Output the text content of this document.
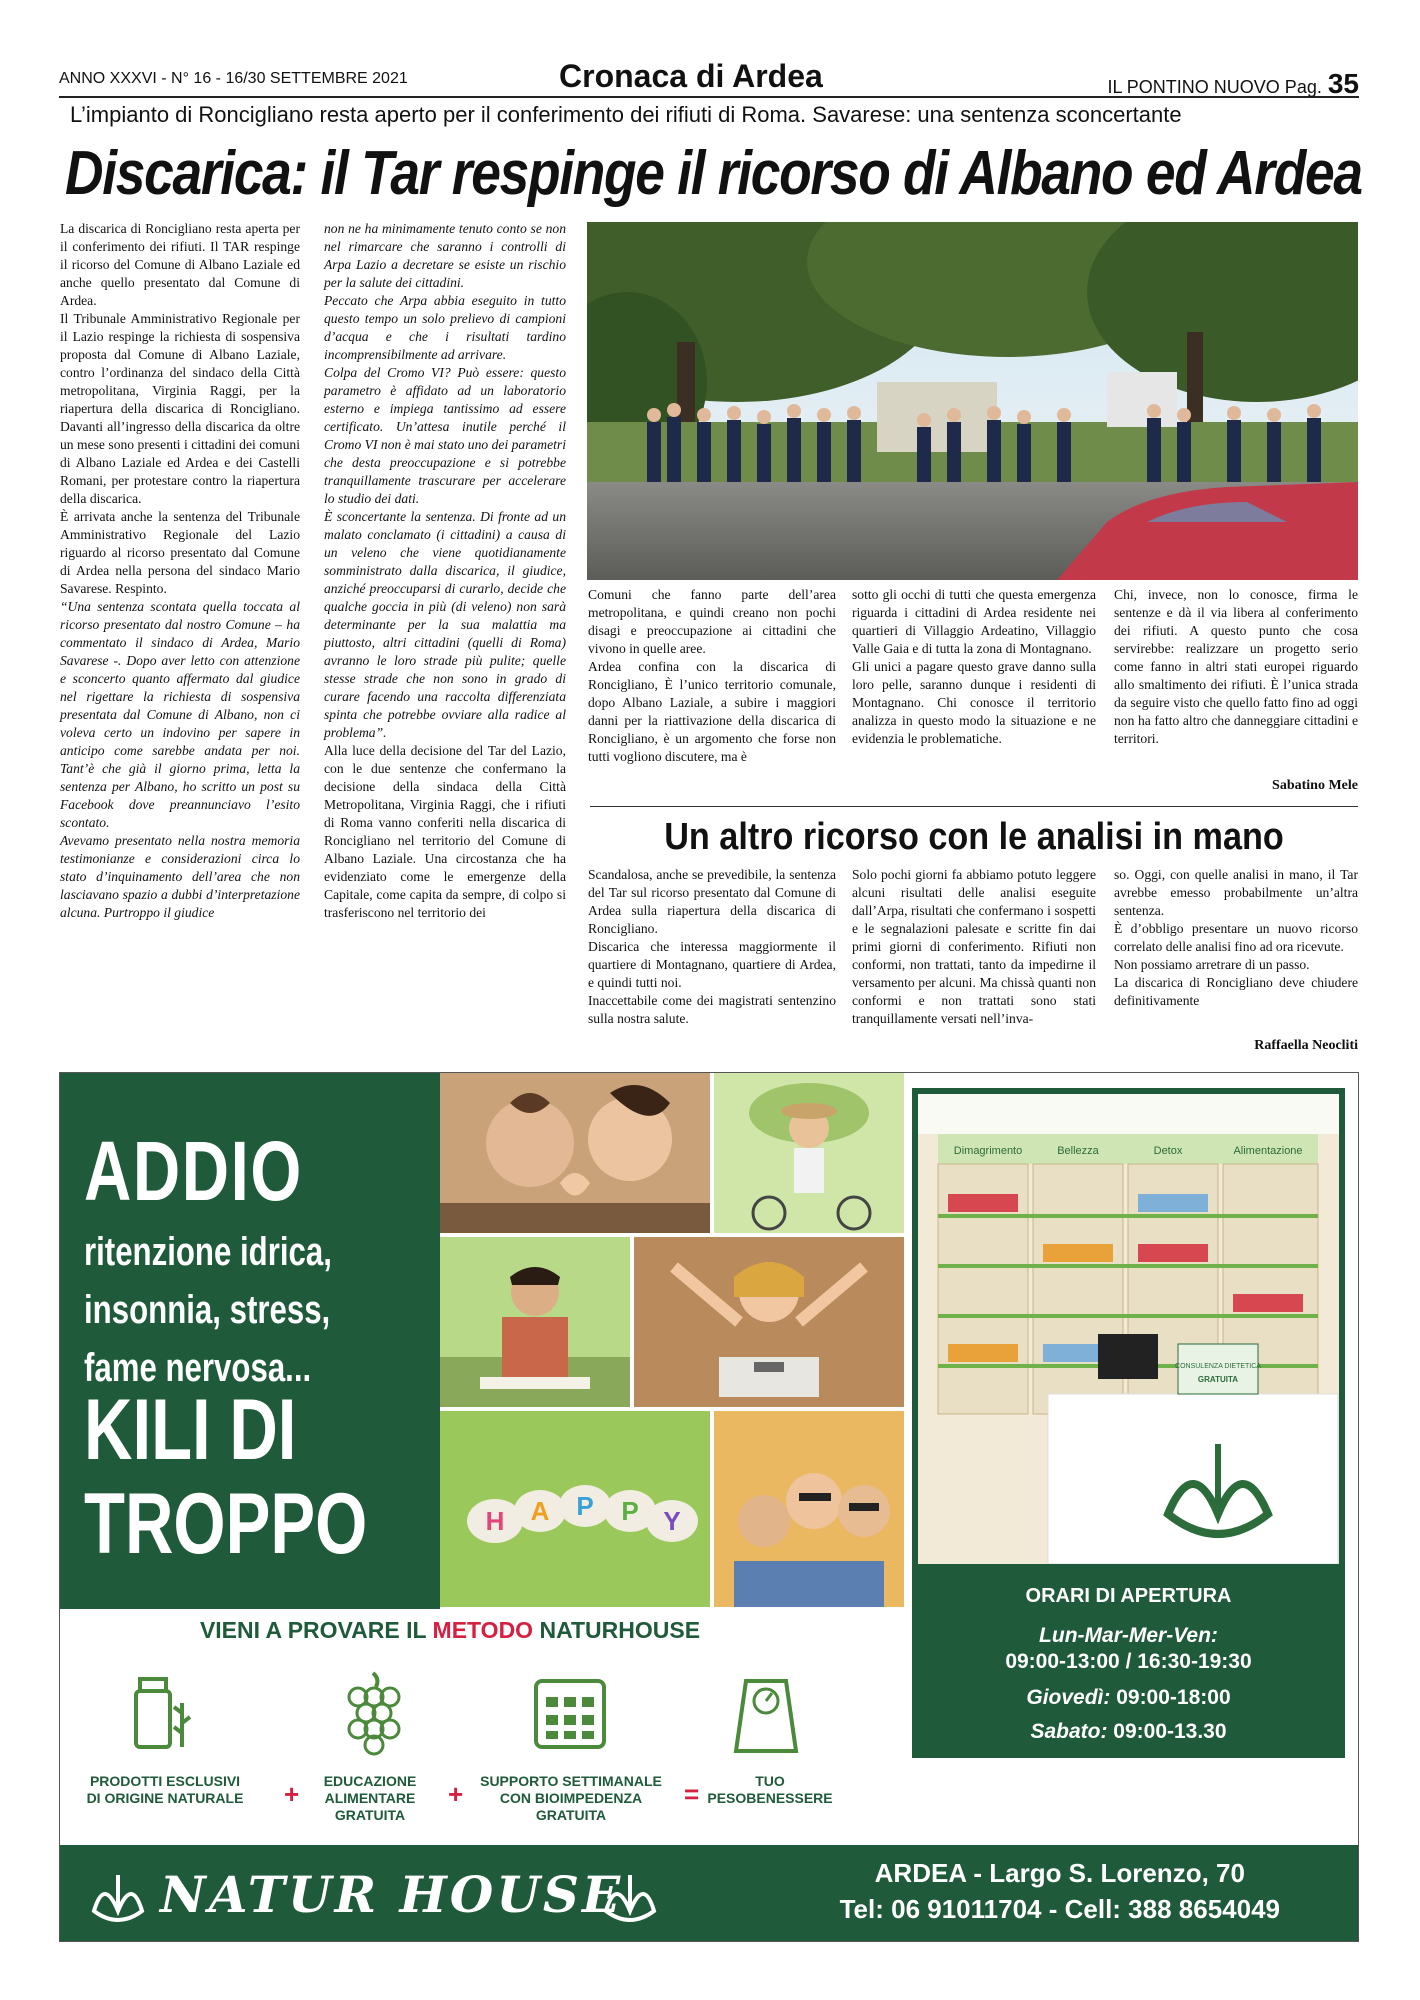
ANNO XXXVI - N° 16 - 16/30 SETTEMBRE 2021	Cronaca di Ardea	IL PONTINO NUOVO Pag. 35
L’impianto di Roncigliano resta aperto per il conferimento dei rifiuti di Roma. Savarese: una sentenza sconcertante
Discarica: il Tar respinge il ricorso di Albano ed Ardea

La discarica di Roncigliano resta aperta per il conferimento dei rifiuti. Il TAR respinge il ricorso del Comune di Albano Laziale ed anche quello presentato dal Comune di Ardea.

Il Tribunale Amministrativo Regionale per il Lazio respinge la richiesta di sospensiva proposta dal Comune di Albano Laziale, contro l’ordinanza del sindaco della Città metropolitana, Virginia Raggi, per la riapertura della discarica di Roncigliano. Davanti all’ingresso della discarica da oltre un mese sono presenti i cittadini dei comuni di Albano Laziale ed Ardea e dei Castelli Romani, per protestare contro la riapertura della discarica.

È arrivata anche la sentenza del Tribunale Amministrativo Regionale del Lazio riguardo al ricorso presentato dal Comune di Ardea nella persona del sindaco Mario Savarese. Respinto.

“Una sentenza scontata quella toccata al ricorso presentato dal nostro Comune – ha commentato il sindaco di Ardea, Mario Savarese -. Dopo aver letto con attenzione e sconcerto quanto affermato dal giudice nel rigettare la richiesta di sospensiva presentata dal Comune di Albano, non ci voleva certo un indovino per sapere in anticipo come sarebbe andata per noi. Tant’è che già il giorno prima, letta la sentenza per Albano, ho scritto un post su Facebook dove preannunciavo l’esito scontato.

Avevamo presentato nella nostra memoria testimonianze e considerazioni circa lo stato d’inquinamento dell’area che non lasciavano spazio a dubbi d’interpretazione alcuna. Purtroppo il giudice

non ne ha minimamente tenuto conto se non nel rimarcare che saranno i controlli di Arpa Lazio a decretare se esiste un rischio per la salute dei cittadini.

Peccato che Arpa abbia eseguito in tutto questo tempo un solo prelievo di campioni d’acqua e che i risultati tardino incomprensibilmente ad arrivare.

Colpa del Cromo VI? Può essere: questo parametro è affidato ad un laboratorio esterno e impiega tantissimo ad essere certificato. Un’attesa inutile perché il Cromo VI non è mai stato uno dei parametri che desta preoccupazione e si potrebbe tranquillamente trascurare per accelerare lo studio dei dati.

È sconcertante la sentenza. Di fronte ad un malato conclamato (i cittadini) a causa di un veleno che viene quotidianamente somministrato dalla discarica, il giudice, anziché preoccuparsi di curarlo, decide che qualche goccia in più (di veleno) non sarà determinante per la sua malattia ma piuttosto, altri cittadini (quelli di Roma) avranno le loro strade più pulite; quelle stesse strade che non sono in grado di curare facendo una raccolta differenziata spinta che potrebbe ovviare alla radice al problema”.

Alla luce della decisione del Tar del Lazio, con le due sentenze che confermano la decisione della sindaca della Città Metropolitana, Virginia Raggi, che i rifiuti di Roma vanno conferiti nella discarica di Roncigliano nel territorio del Comune di Albano Laziale. Una circostanza che ha evidenziato come le emergenze della Capitale, come capita da sempre, di colpo si trasferiscono nel territorio dei

Comuni che fanno parte dell’area metropolitana, e quindi creano non pochi disagi e preoccupazione ai cittadini che vivono in quelle aree.

Ardea confina con la discarica di Roncigliano, È l’unico territorio comunale, dopo Albano Laziale, a subire i maggiori danni per la riattivazione della discarica di Roncigliano, è un argomento che forse non tutti vogliono discutere, ma è

sotto gli occhi di tutti che questa emergenza riguarda i cittadini di Ardea residente nei quartieri di Villaggio Ardeatino, Villaggio Valle Gaia e di tutta la zona di Montagnano.

Gli unici a pagare questo grave danno sulla loro pelle, saranno dunque i residenti di Montagnano. Chi conosce il territorio analizza in questo modo la situazione e ne evidenzia le problematiche.

Chi, invece, non lo conosce, firma le sentenze e dà il via libera al conferimento dei rifiuti. A questo punto che cosa servirebbe: realizzare un progetto serio come fanno in altri stati europei riguardo allo smaltimento dei rifiuti. È l’unica strada da seguire visto che quello fatto fino ad oggi non ha fatto altro che danneggiare cittadini e territori.

Sabatino Mele
Un altro ricorso con le analisi in mano

Scandalosa, anche se prevedibile, la sentenza del Tar sul ricorso presentato dal Comune di Ardea sulla riapertura della discarica di Roncigliano.

Discarica che interessa maggiormente il quartiere di Montagnano, quartiere di Ardea, e quindi tutti noi.

Inaccettabile come dei magistrati sentenzino sulla nostra salute.

Solo pochi giorni fa abbiamo potuto leggere alcuni risultati delle analisi eseguite dall’Arpa, risultati che confermano i sospetti e le segnalazioni palesate e scritte fin dai primi giorni di conferimento. Rifiuti non conformi, non trattati, tanto da impedirne il versamento per alcuni. Ma chissà quanti non conformi e non trattati sono stati tranquillamente versati nell’inva-

so. Oggi, con quelle analisi in mano, il Tar avrebbe emesso probabilmente un’altra sentenza.

È d’obbligo presentare un nuovo ricorso correlato delle analisi fino ad ora ricevute.

Non possiamo arretrare di un passo.

La discarica di Roncigliano deve chiudere definitivamente

Raffaella Neocliti
ADDIO
ritenzione idrica,
insonnia, stress,
fame nervosa...
KILI DI
TROPPO	H A P P Y
VIENI A PROVARE IL METODO NATURHOUSE
PRODOTTI ESCLUSIVI
DI ORIGINE NATURALE	+	EDUCAZIONE
ALIMENTARE
GRATUITA
+	SUPPORTO SETTIMANALE
CON BIOIMPEDENZA
GRATUITA
=	TUO
PESOBENESSERE
Dimagrimento	Bellezza	Detox	Alimentazione
CONSULENZA DIETETICA
GRATUITA
ORARI DI APERTURA
Lun-Mar-Mer-Ven:
09:00-13:00 / 16:30-19:30
Giovedì: 09:00-18:00
Sabato: 09:00-13.30
Domenica: CHIUSO
NATUR HOUSE	ARDEA - Largo S. Lorenzo, 70
Tel: 06 91011704 - Cell: 388 8654049
